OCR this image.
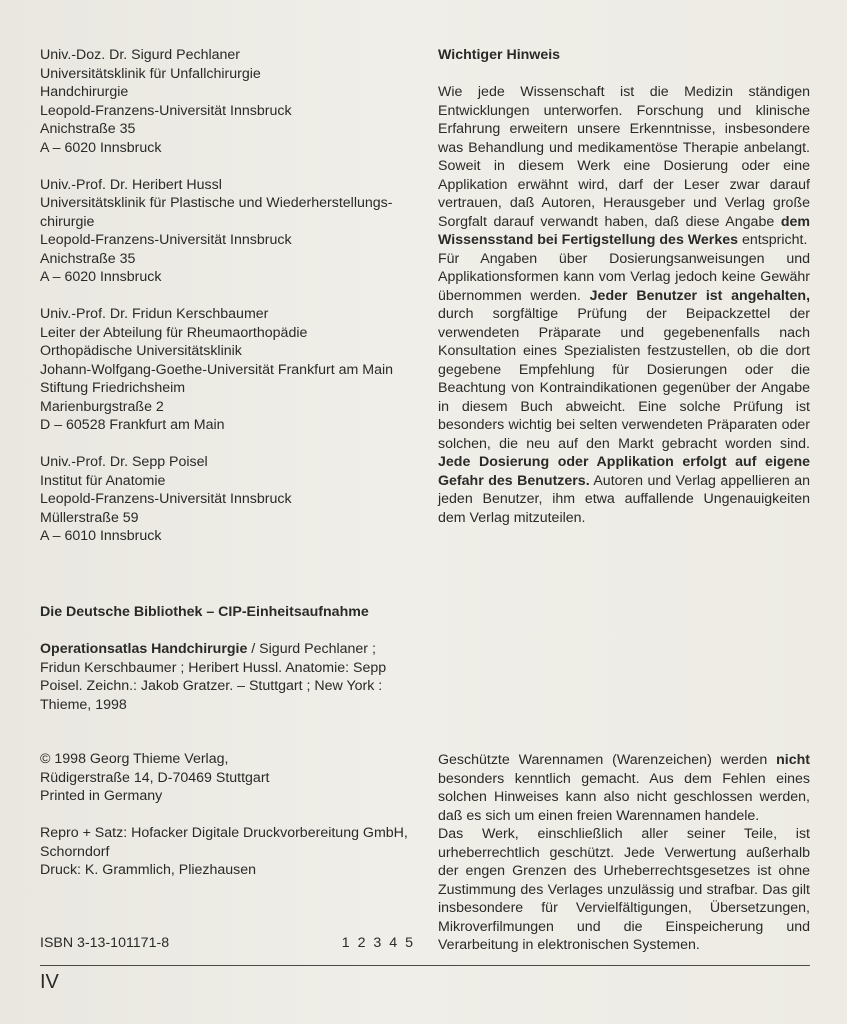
Univ.-Doz. Dr. Sigurd Pechlaner
Universitätsklinik für Unfallchirurgie
Handchirurgie
Leopold-Franzens-Universität Innsbruck
Anichstraße 35
A – 6020 Innsbruck
Univ.-Prof. Dr. Heribert Hussl
Universitätsklinik für Plastische und Wiederherstellungs-
chirurgie
Leopold-Franzens-Universität Innsbruck
Anichstraße 35
A – 6020 Innsbruck
Univ.-Prof. Dr. Fridun Kerschbaumer
Leiter der Abteilung für Rheumaorthopädie
Orthopädische Universitätsklinik
Johann-Wolfgang-Goethe-Universität Frankfurt am Main
Stiftung Friedrichsheim
Marienburgstraße 2
D – 60528 Frankfurt am Main
Univ.-Prof. Dr. Sepp Poisel
Institut für Anatomie
Leopold-Franzens-Universität Innsbruck
Müllerstraße 59
A – 6010 Innsbruck
Die Deutsche Bibliothek – CIP-Einheitsaufnahme

Operationsatlas Handchirurgie / Sigurd Pechlaner ; Fridun Kerschbaumer ; Heribert Hussl. Anatomie: Sepp Poisel. Zeichn.: Jakob Gratzer. – Stuttgart ; New York : Thieme, 1998

© 1998 Georg Thieme Verlag,
Rüdigerstraße 14, D-70469 Stuttgart
Printed in Germany
Repro + Satz: Hofacker Digitale Druckvorbereitung GmbH,
Schorndorf
Druck: K. Grammlich, Pliezhausen
ISBN 3-13-101171-8	1 2 3 4 5
Wichtiger Hinweis

Wie jede Wissenschaft ist die Medizin ständigen Entwicklungen unterworfen. Forschung und klinische Erfahrung erweitern unsere Erkenntnisse, insbesondere was Behandlung und medikamentöse Therapie anbelangt. Soweit in diesem Werk eine Dosierung oder eine Applikation erwähnt wird, darf der Leser zwar darauf vertrauen, daß Autoren, Herausgeber und Verlag große Sorgfalt darauf verwandt haben, daß diese Angabe dem Wissensstand bei Fertigstellung des Werkes entspricht.

Für Angaben über Dosierungsanweisungen und Applikationsformen kann vom Verlag jedoch keine Gewähr übernommen werden. Jeder Benutzer ist angehalten, durch sorgfältige Prüfung der Beipackzettel der verwendeten Präparate und gegebenenfalls nach Konsultation eines Spezialisten festzustellen, ob die dort gegebene Empfehlung für Dosierungen oder die Beachtung von Kontraindikationen gegenüber der Angabe in diesem Buch abweicht. Eine solche Prüfung ist besonders wichtig bei selten verwendeten Präparaten oder solchen, die neu auf den Markt gebracht worden sind. Jede Dosierung oder Applikation erfolgt auf eigene Gefahr des Benutzers. Autoren und Verlag appellieren an jeden Benutzer, ihm etwa auffallende Ungenauigkeiten dem Verlag mitzuteilen.

Geschützte Warennamen (Warenzeichen) werden nicht besonders kenntlich gemacht. Aus dem Fehlen eines solchen Hinweises kann also nicht geschlossen werden, daß es sich um einen freien Warennamen handele.

Das Werk, einschließlich aller seiner Teile, ist urheberrechtlich geschützt. Jede Verwertung außerhalb der engen Grenzen des Urheberrechtsgesetzes ist ohne Zustimmung des Verlages unzulässig und strafbar. Das gilt insbesondere für Vervielfältigungen, Übersetzungen, Mikroverfilmungen und die Einspeicherung und Verarbeitung in elektronischen Systemen.

IV
